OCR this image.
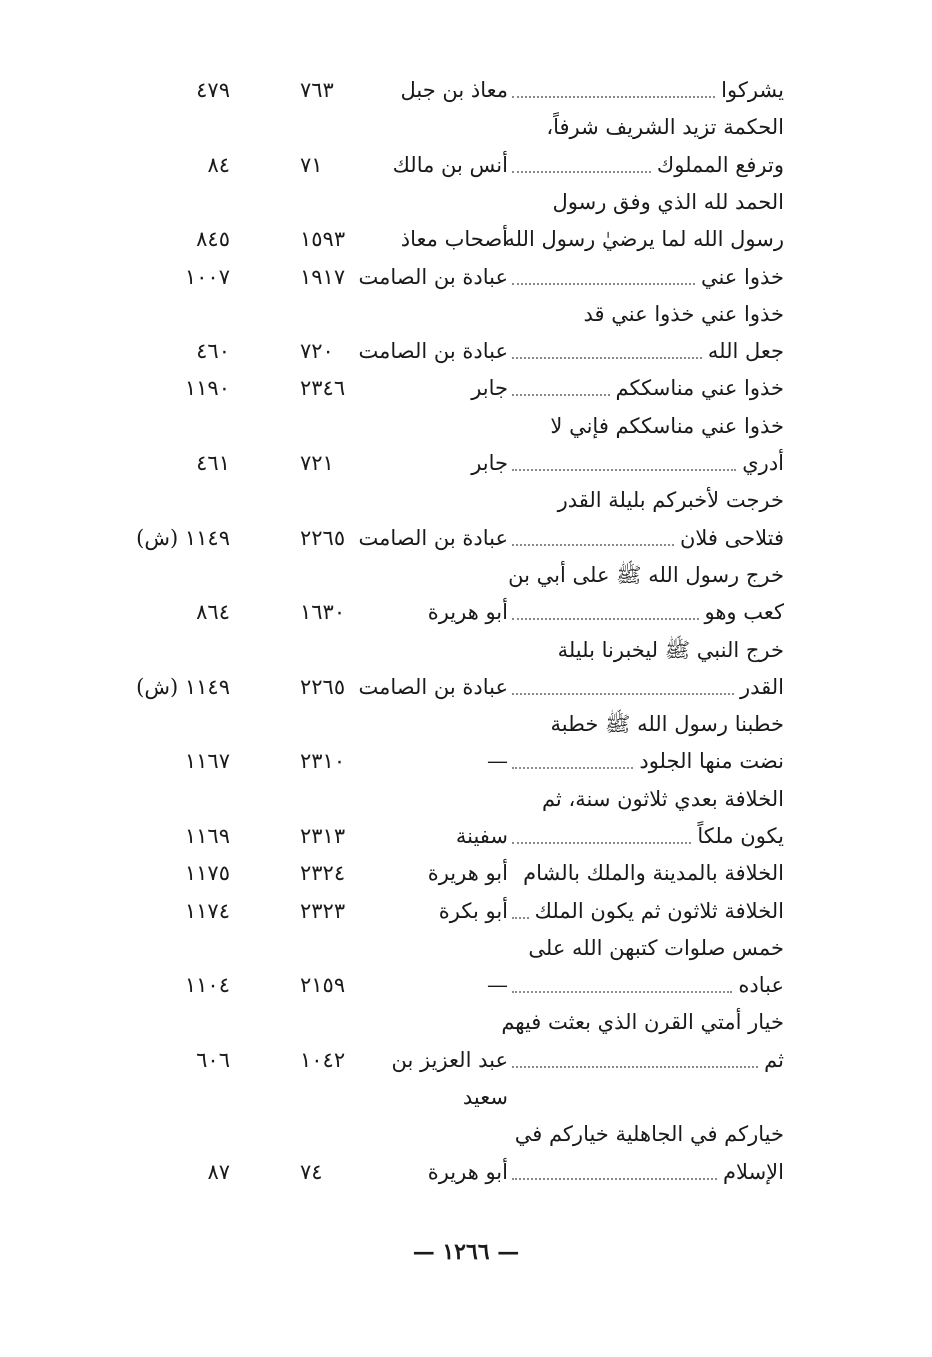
يشركوا
معاذ بن جبل
٧٦٣
٤٧٩
الحكمة تزيد الشريف شرفاً،
وترفع المملوك
أنس بن مالك
٧١
٨٤
الحمد لله الذي وفق رسول
رسول الله لما يرضيٰ رسول الله
أصحاب معاذ
١٥٩٣
٨٤٥
خذوا عني
عبادة بن الصامت
١٩١٧
١٠٠٧
خذوا عني خذوا عني قد
جعل الله
عبادة بن الصامت
٧٢٠
٤٦٠
خذوا عني مناسككم
جابر
٢٣٤٦
١١٩٠
خذوا عني مناسككم فإني لا
أدري
جابر
٧٢١
٤٦١
خرجت لأخبركم بليلة القدر
فتلاحى فلان
عبادة بن الصامت
٢٢٦٥
١١٤٩ (ش)
خرج رسول الله ﷺ على أبي بن
كعب وهو
أبو هريرة
١٦٣٠
٨٦٤
خرج النبي ﷺ ليخبرنا بليلة
القدر
عبادة بن الصامت
٢٢٦٥
١١٤٩ (ش)
خطبنا رسول الله ﷺ خطبة
نضت منها الجلود
—
٢٣١٠
١١٦٧
الخلافة بعدي ثلاثون سنة، ثم
يكون ملكاً
سفينة
٢٣١٣
١١٦٩
الخلافة بالمدينة والملك بالشام
أبو هريرة
٢٣٢٤
١١٧٥
الخلافة ثلاثون ثم يكون الملك
أبو بكرة
٢٣٢٣
١١٧٤
خمس صلوات كتبهن الله على
عباده
—
٢١٥٩
١١٠٤
خيار أمتي القرن الذي بعثت فيهم
ثم
عبد العزيز بن
١٠٤٢
٦٠٦
سعيد
خياركم في الجاهلية خياركم في
الإسلام
أبو هريرة
٧٤
٨٧
— ١٢٦٦ —
